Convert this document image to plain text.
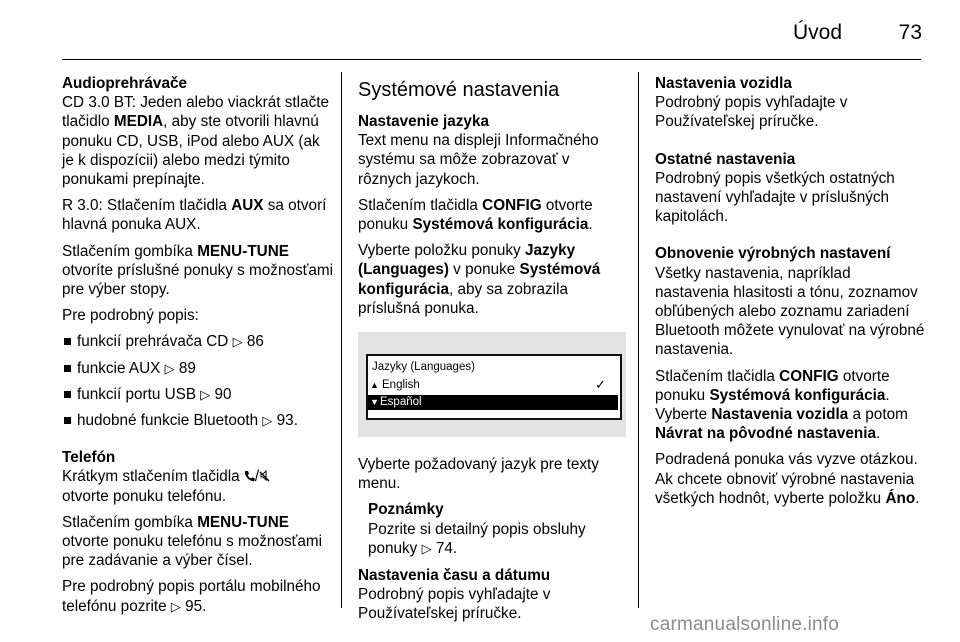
Úvod	73
Audioprehrávače
CD 3.0 BT: Jeden alebo viackrát stlačte tlačidlo MEDIA, aby ste otvorili hlavnú ponuku CD, USB, iPod alebo AUX (ak je k dispozícii) alebo medzi týmito ponukami prepínajte.
R 3.0: Stlačením tlačidla AUX sa otvorí hlavná ponuka AUX.
Stlačením gombíka MENU-TUNE otvoríte príslušné ponuky s možnosťami pre výber stopy.
Pre podrobný popis:
funkcií prehrávača CD ▷ 86
funkcie AUX ▷ 89
funkcií portu USB ▷ 90
hudobné funkcie Bluetooth ▷ 93.
Telefón
Krátkym stlačením tlačidla /
otvorte ponuku telefónu.
Stlačením gombíka MENU-TUNE otvorte ponuku telefónu s možnosťami pre zadávanie a výber čísel.
Pre podrobný popis portálu mobilného telefónu pozrite ▷ 95.
Systémové nastavenia
Nastavenie jazyka
Text menu na displeji Informačného systému sa môže zobrazovať v rôznych jazykoch.
Stlačením tlačidla CONFIG otvorte ponuku Systémová konfigurácia.
Vyberte položku ponuky Jazyky (Languages) v ponuke Systémová konfigurácia, aby sa zobrazila príslušná ponuka.
Jazyky (Languages)
▲ English	✓
▼ Español
Vyberte požadovaný jazyk pre texty menu.
Poznámky
Pozrite si detailný popis obsluhy ponuky ▷ 74.
Nastavenia času a dátumu
Podrobný popis vyhľadajte v Používateľskej príručke.
Nastavenia vozidla
Podrobný popis vyhľadajte v Používateľskej príručke.
Ostatné nastavenia
Podrobný popis všetkých ostatných nastavení vyhľadajte v príslušných kapitolách.
Obnovenie výrobných nastavení
Všetky nastavenia, napríklad nastavenia hlasitosti a tónu, zoznamov obľúbených alebo zoznamu zariadení Bluetooth môžete vynulovať na výrobné nastavenia.
Stlačením tlačidla CONFIG otvorte ponuku Systémová konfigurácia. Vyberte Nastavenia vozidla a potom Návrat na pôvodné nastavenia.
Podradená ponuka vás vyzve otázkou. Ak chcete obnoviť výrobné nastavenia všetkých hodnôt, vyberte položku Áno.
carmanualsonline.info
